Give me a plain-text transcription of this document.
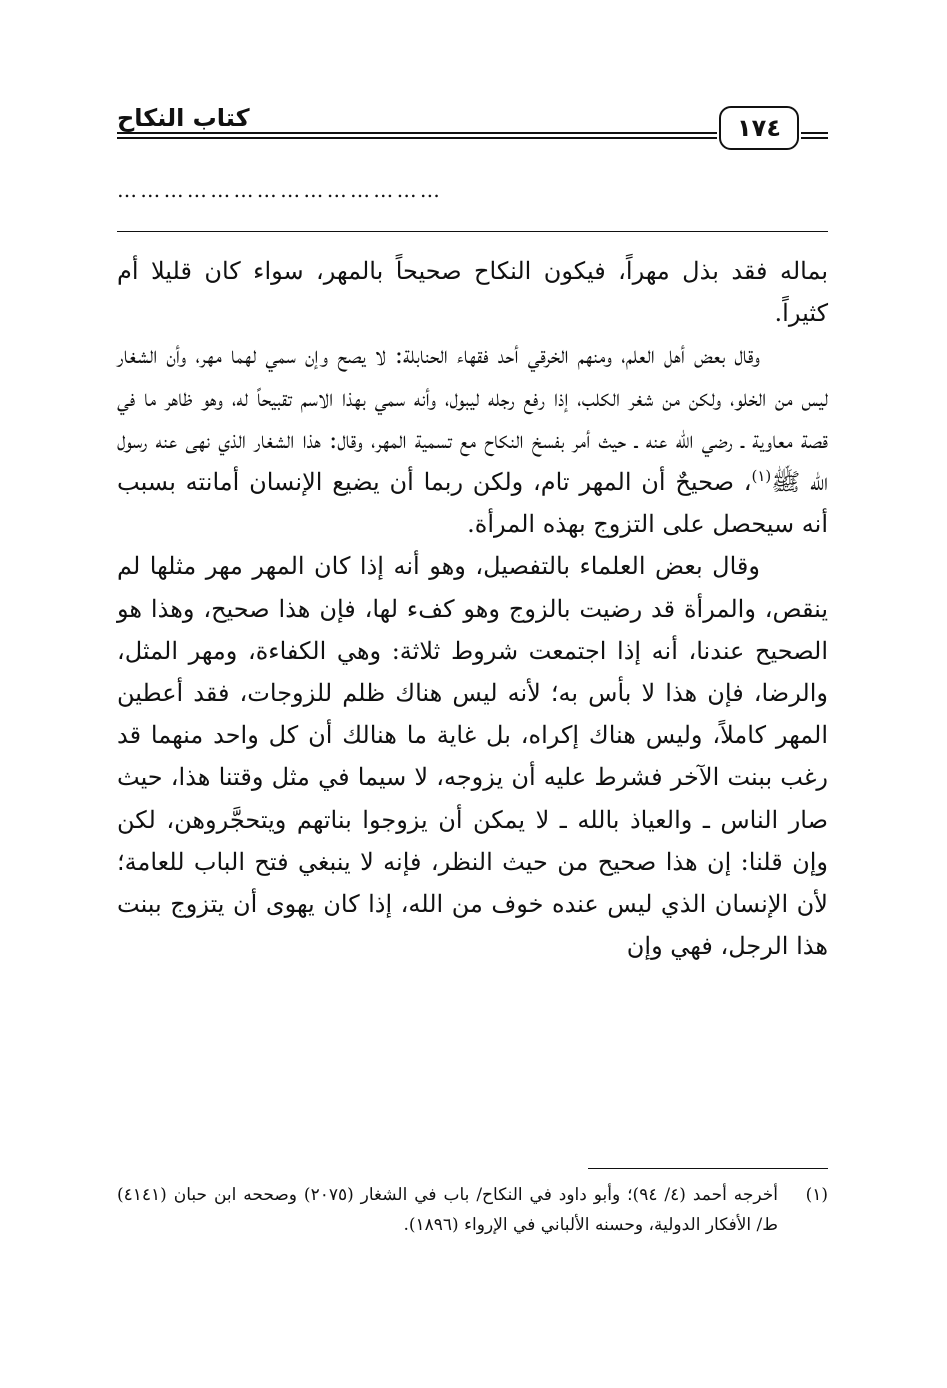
كتاب النكاح	١٧٤
……………………………………

بماله فقد بذل مهراً، فيكون النكاح صحيحاً بالمهر، سواء كان قليلا أم كثيراً.

وقال بعض أهل العلم، ومنهم الخرقي أحد فقهاء الحنابلة: لا يصح وإن سمي لهما مهر، وأن الشغار ليس من الخلو، ولكن من شغر الكلب، إذا رفع رجله ليبول، وأنه سمي بهذا الاسم تقبيحاً له، وهو ظاهر ما في قصة معاوية ـ رضي الله عنه ـ حيث أمر بفسخ النكاح مع تسمية المهر، وقال: هذا الشغار الذي نهى عنه رسول الله ﷺ$^{(١)}$، صحيحٌ أن المهر تام، ولكن ربما أن يضيع الإنسان أمانته بسبب أنه سيحصل على التزوج بهذه المرأة.

وقال بعض العلماء بالتفصيل، وهو أنه إذا كان المهر مهر مثلها لم ينقص، والمرأة قد رضيت بالزوج وهو كفء لها، فإن هذا صحيح، وهذا هو الصحيح عندنا، أنه إذا اجتمعت شروط ثلاثة: وهي الكفاءة، ومهر المثل، والرضا، فإن هذا لا بأس به؛ لأنه ليس هناك ظلم للزوجات، فقد أعطين المهر كاملاً، وليس هناك إكراه، بل غاية ما هنالك أن كل واحد منهما قد رغب ببنت الآخر فشرط عليه أن يزوجه، لا سيما في مثل وقتنا هذا، حيث صار الناس ـ والعياذ بالله ـ لا يمكن أن يزوجوا بناتهم ويتحجَّروهن، لكن وإن قلنا: إن هذا صحيح من حيث النظر، فإنه لا ينبغي فتح الباب للعامة؛ لأن الإنسان الذي ليس عنده خوف من الله، إذا كان يهوى أن يتزوج ببنت هذا الرجل، فهي وإن

(١)
أخرجه أحمد (٤/ ٩٤)؛ وأبو داود في النكاح/ باب في الشغار (٢٠٧٥) وصححه ابن حبان (٤١٤١) ط/ الأفكار الدولية، وحسنه الألباني في الإرواء (١٨٩٦).
